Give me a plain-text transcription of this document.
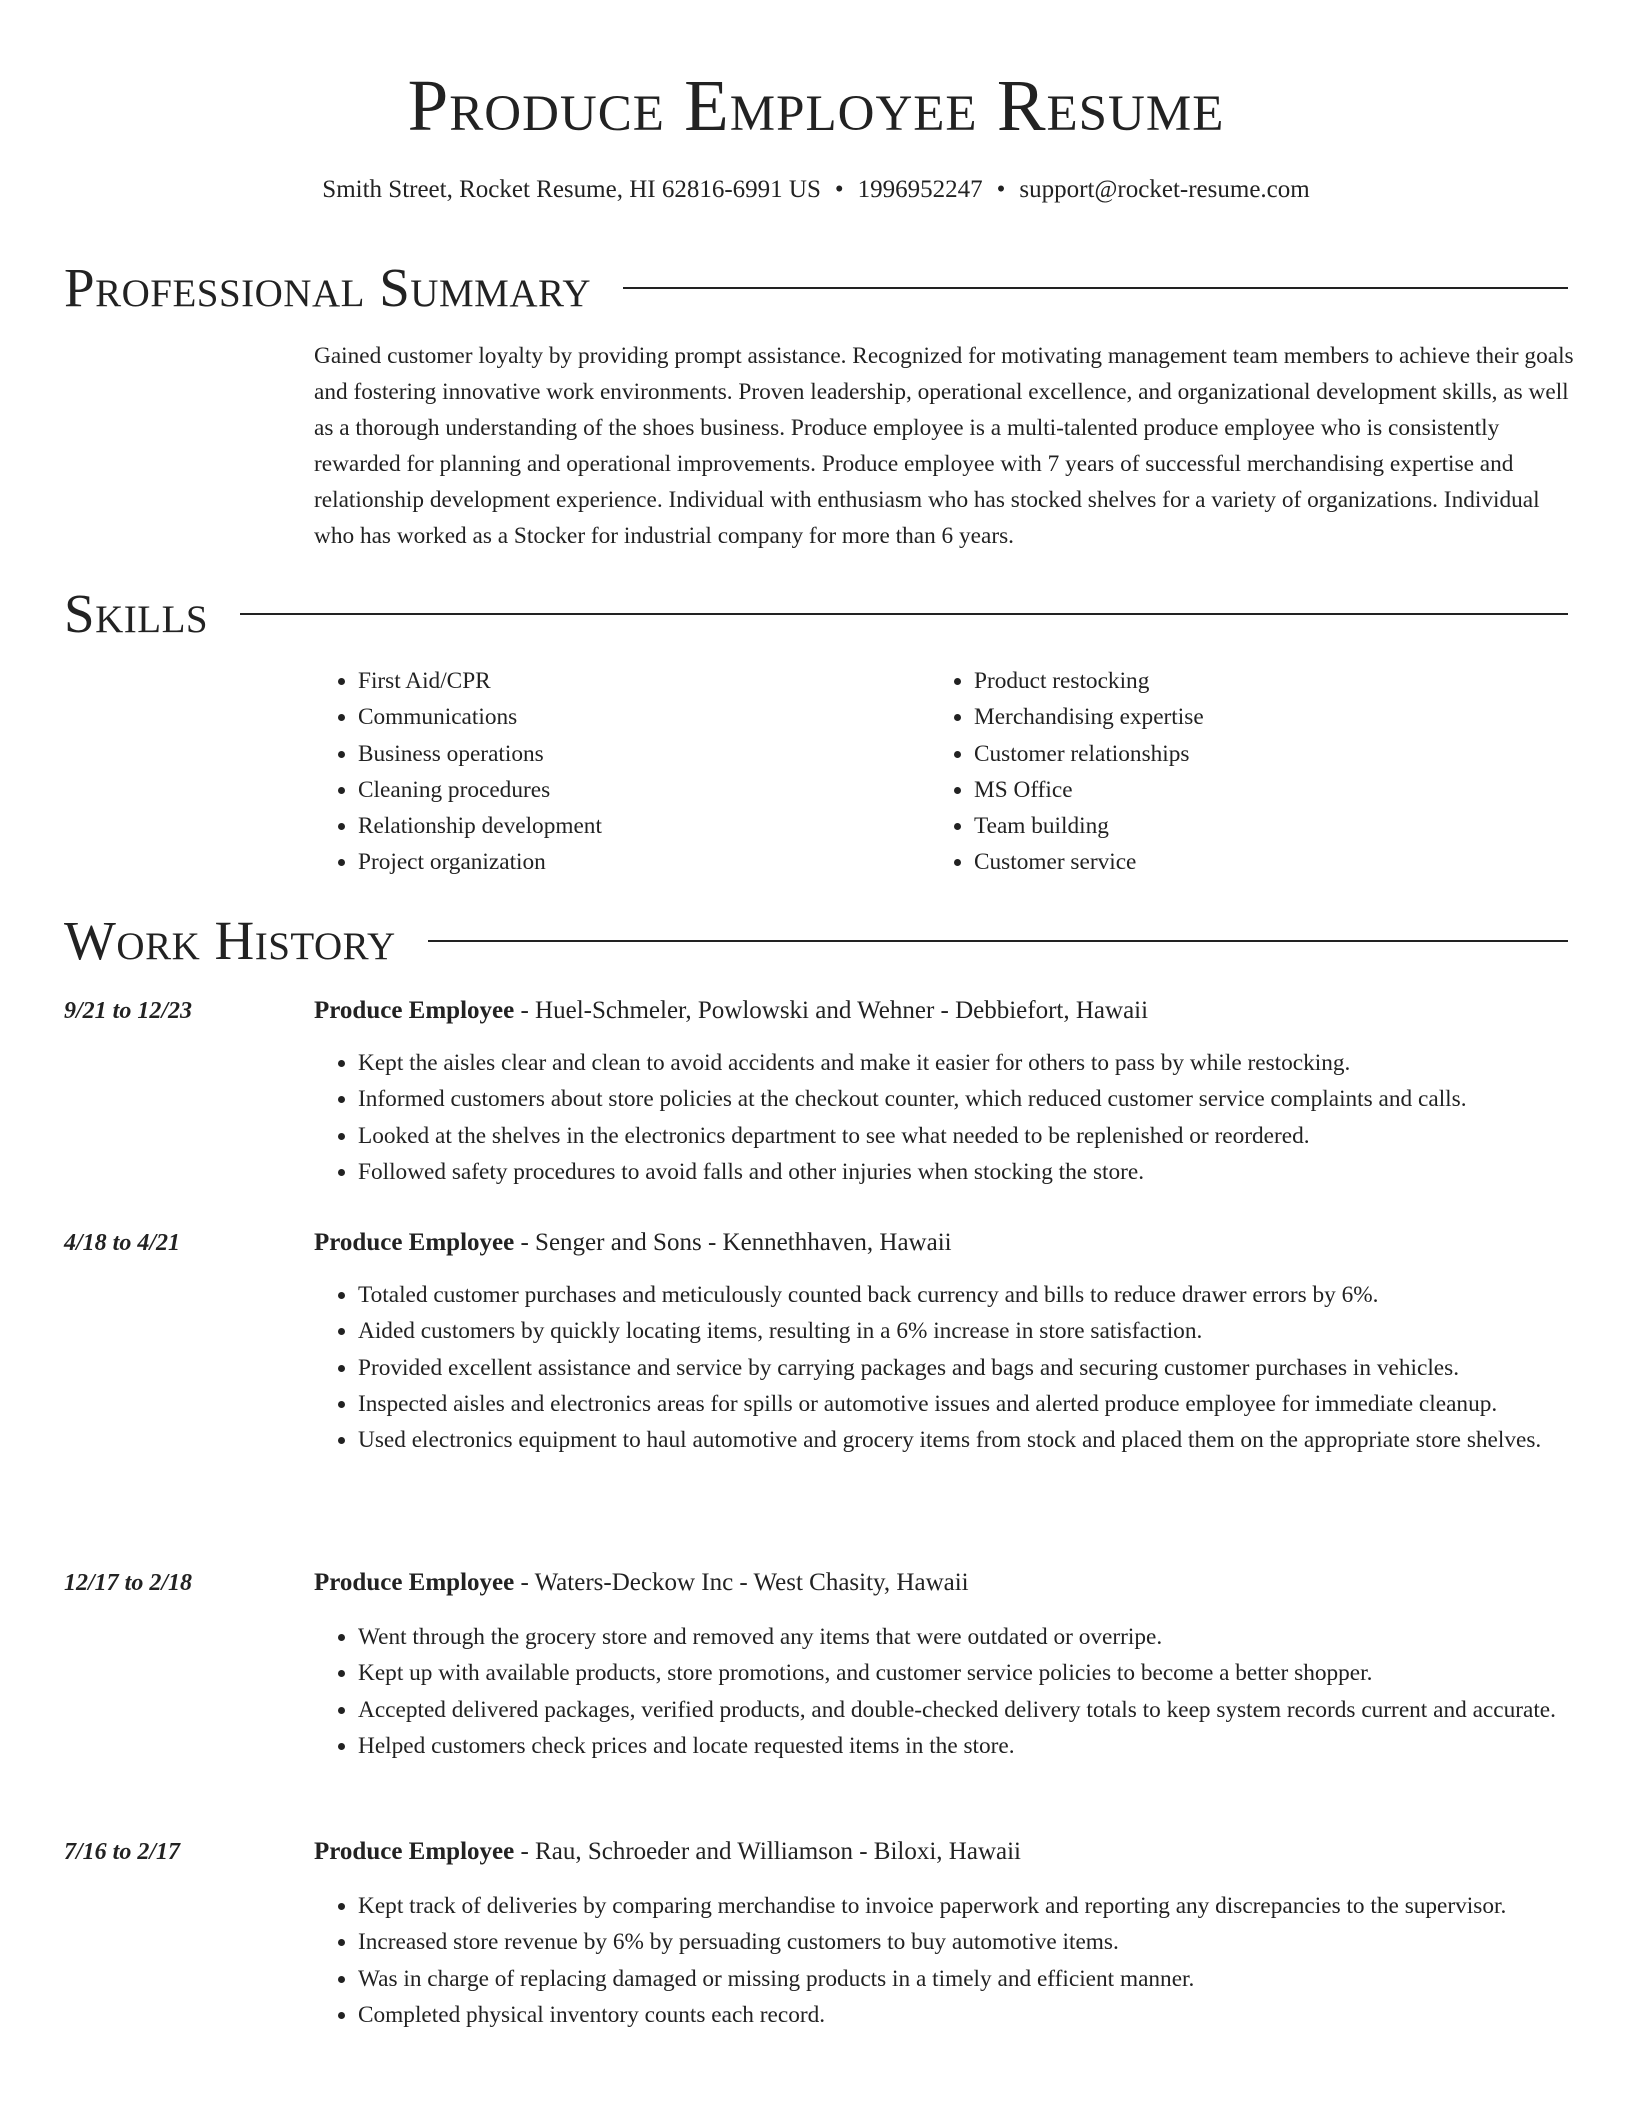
Produce Employee Resume
Smith Street, Rocket Resume, HI 62816-6991 US • 1996952247 • support@rocket-resume.com
Professional Summary

Gained customer loyalty by providing prompt assistance. Recognized for motivating management team members to achieve their goals and fostering innovative work environments. Proven leadership, operational excellence, and organizational development skills, as well as a thorough understanding of the shoes business. Produce employee is a multi-talented produce employee who is consistently rewarded for planning and operational improvements. Produce employee with 7 years of successful merchandising expertise and relationship development experience. Individual with enthusiasm who has stocked shelves for a variety of organizations. Individual who has worked as a Stocker for industrial company for more than 6 years.

Skills
• First Aid/CPR
• Communications
• Business operations
• Cleaning procedures
• Relationship development
• Project organization
• Product restocking
• Merchandising expertise
• Customer relationships
• MS Office
• Team building
• Customer service
Work History
9/21 to 12/23	Produce Employee - Huel-Schmeler, Powlowski and Wehner - Debbiefort, Hawaii
• Kept the aisles clear and clean to avoid accidents and make it easier for others to pass by while restocking.
• Informed customers about store policies at the checkout counter, which reduced customer service complaints and calls.
• Looked at the shelves in the electronics department to see what needed to be replenished or reordered.
• Followed safety procedures to avoid falls and other injuries when stocking the store.
4/18 to 4/21	Produce Employee - Senger and Sons - Kennethhaven, Hawaii
• Totaled customer purchases and meticulously counted back currency and bills to reduce drawer errors by 6%.
• Aided customers by quickly locating items, resulting in a 6% increase in store satisfaction.
• Provided excellent assistance and service by carrying packages and bags and securing customer purchases in vehicles.
• Inspected aisles and electronics areas for spills or automotive issues and alerted produce employee for immediate cleanup.
• Used electronics equipment to haul automotive and grocery items from stock and placed them on the appropriate store shelves.
12/17 to 2/18	Produce Employee - Waters-Deckow Inc - West Chasity, Hawaii
• Went through the grocery store and removed any items that were outdated or overripe.
• Kept up with available products, store promotions, and customer service policies to become a better shopper.
• Accepted delivered packages, verified products, and double-checked delivery totals to keep system records current and accurate.
• Helped customers check prices and locate requested items in the store.
7/16 to 2/17	Produce Employee - Rau, Schroeder and Williamson - Biloxi, Hawaii
• Kept track of deliveries by comparing merchandise to invoice paperwork and reporting any discrepancies to the supervisor.
• Increased store revenue by 6% by persuading customers to buy automotive items.
• Was in charge of replacing damaged or missing products in a timely and efficient manner.
• Completed physical inventory counts each record.
